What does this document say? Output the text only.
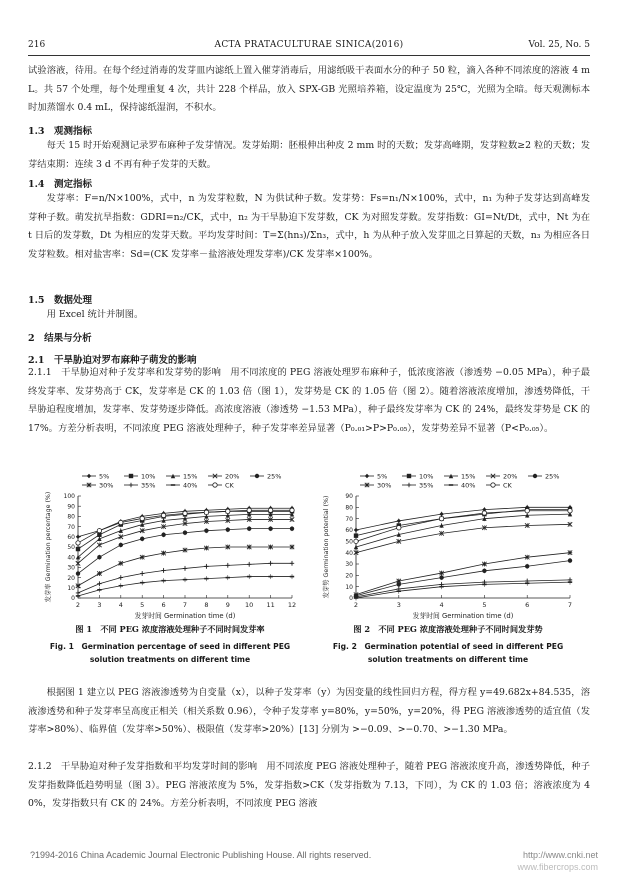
216	ACTA PRATACULTURAE SINICA(2016)	Vol. 25, No. 5
试验溶液，待用。在每个经过消毒的发芽皿内滤纸上置入催芽消毒后，用滤纸吸干表面水分的种子 50 粒，滴入各种不同浓度的溶液 4 mL。共 57 个处理，每个处理重复 4 次，共计 228 个样品，放入 SPX-GB 光照培养箱，设定温度为 25℃，光照为全暗。每天观测标本时加蒸馏水 0.4 mL，保持滤纸湿润，不积水。
1.3　观测指标
每天 15 时开始观测记录罗布麻种子发芽情况。发芽始期：胚根伸出种皮 2 mm 时的天数；发芽高峰期，发芽粒数≥2 粒的天数；发芽结束期：连续 3 d 不再有种子发芽的天数。
1.4　测定指标
发芽率：F=n/N×100%，式中，n 为发芽粒数，N 为供试种子数。发芽势：Fs=n₁/N×100%，式中，n₁ 为种子发芽达到高峰发芽种子数。萌发抗旱指数：GDRI=n₂/CK，式中，n₂ 为干旱胁迫下发芽数，CK 为对照发芽数。发芽指数：GI=Nt/Dt，式中，Nt 为在 t 日后的发芽数，Dt 为相应的发芽天数。平均发芽时间：T=Σ(hn₃)/Σn₃，式中，h 为从种子放入发芽皿之日算起的天数，n₃ 为相应各日发芽粒数。相对盐害率：Sd=(CK 发芽率－盐溶液处理发芽率)/CK 发芽率×100%。
1.5　数据处理
用 Excel 统计并制图。
2　结果与分析
2.1　干旱胁迫对罗布麻种子萌发的影响
2.1.1　干旱胁迫对种子发芽率和发芽势的影响　用不同浓度的 PEG 溶液处理罗布麻种子，低浓度溶液（渗透势 −0.05 MPa），种子最终发芽率、发芽势高于 CK，发芽率是 CK 的 1.03 倍（图 1），发芽势是 CK 的 1.05 倍（图 2）。随着溶液浓度增加，渗透势降低，干旱胁迫程度增加，发芽率、发芽势逐步降低。高浓度溶液（渗透势 −1.53 MPa），种子最终发芽率为 CK 的 24%，最终发芽势是 CK 的 17%。方差分析表明，不同浓度 PEG 溶液处理种子，种子发芽率差异显著（P₀.₀₁>P>P₀.₀₅），发芽势差异不显著（P<P₀.₀₅）。
5%	10%	15%	20%	25%
30%	35%	40%	CK
0
10
20
30
40
50
60
70
80
90
100
2	3	4	5	6	7	8	9 10 11 12
发芽时间 Germination time (d)
发芽率 Germination percentage (%)
图 1　不同 PEG 浓度溶液处理种子不同时间发芽率
Fig. 1　Germination percentage of seed in different PEG solution treatments on different time
5%	10%	15%	20%	25%
30%	35%	40%	CK
0
10
20
30
40
50
60
70
80
90
2	3	4	5	6	7
发芽时间 Germination time (d)
发芽势 Germination potential (%)
图 2　不同 PEG 浓度溶液处理种子不同时间发芽势
Fig. 2　Germination potential of seed in different PEG solution treatments on different time
根据图 1 建立以 PEG 溶液渗透势为自变量（x），以种子发芽率（y）为因变量的线性回归方程，得方程 y=49.682x+84.535，溶液渗透势和种子发芽率呈高度正相关（相关系数 0.96），令种子发芽率 y=80%，y=50%，y=20%，得 PEG 溶液渗透势的适宜值（发芽率>80%）、临界值（发芽率>50%）、极限值（发芽率>20%）[13] 分别为 >−0.09、>−0.70、>−1.30 MPa。
2.1.2　干旱胁迫对种子发芽指数和平均发芽时间的影响　用不同浓度 PEG 溶液处理种子，随着 PEG 溶液浓度升高，渗透势降低，种子发芽指数降低趋势明显（图 3）。PEG 溶液浓度为 5%，发芽指数>CK（发芽指数为 7.13，下同），为 CK 的 1.03 倍；溶液浓度为 40%，发芽指数只有 CK 的 24%。方差分析表明，不同浓度 PEG 溶液
?1994-2016 China Academic Journal Electronic Publishing House. All rights reserved.	http://www.cnki.net
www.fibercrops.com
